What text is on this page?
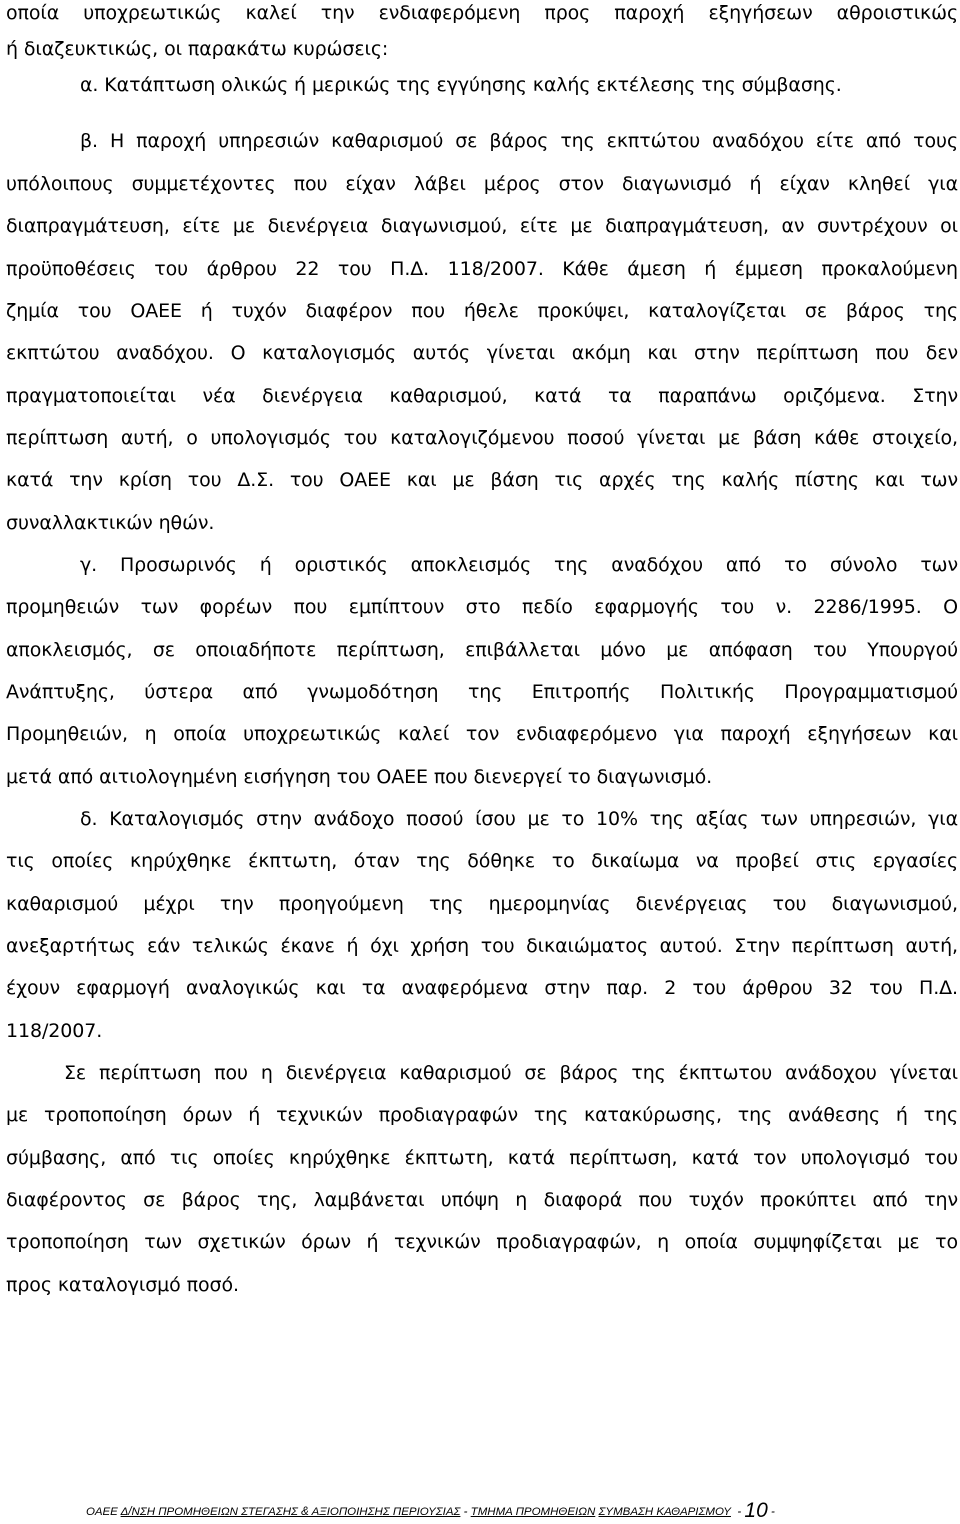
οποία υποχρεωτικώς καλεί την ενδιαφερόμενη προς παροχή εξηγήσεων αθροιστικώς
ή διαζευκτικώς, οι παρακάτω κυρώσεις:
α. Κατάπτωση ολικώς ή μερικώς της εγγύησης καλής εκτέλεσης της σύμβασης.
β. Η παροχή υπηρεσιών καθαρισμού σε βάρος της εκπτώτου αναδόχου είτε από τους
υπόλοιπους συμμετέχοντες που είχαν λάβει μέρος στον διαγωνισμό ή είχαν κληθεί για
διαπραγμάτευση, είτε με διενέργεια διαγωνισμού, είτε με διαπραγμάτευση, αν συντρέχουν οι
προϋποθέσεις του άρθρου 22 του Π.Δ. 118/2007. Κάθε άμεση ή έμμεση προκαλούμενη
ζημία του ΟΑΕΕ ή τυχόν διαφέρον που ήθελε προκύψει, καταλογίζεται σε βάρος της
εκπτώτου αναδόχου. Ο καταλογισμός αυτός γίνεται ακόμη και στην περίπτωση που δεν
πραγματοποιείται νέα διενέργεια καθαρισμού, κατά τα παραπάνω οριζόμενα. Στην
περίπτωση αυτή, ο υπολογισμός του καταλογιζόμενου ποσού γίνεται με βάση κάθε στοιχείο,
κατά την κρίση του Δ.Σ. του ΟΑΕΕ και με βάση τις αρχές της καλής πίστης και των
συναλλακτικών ηθών.
γ. Προσωρινός ή οριστικός αποκλεισμός της αναδόχου από το σύνολο των
προμηθειών των φορέων που εμπίπτουν στο πεδίο εφαρμογής του ν. 2286/1995. Ο
αποκλεισμός, σε οποιαδήποτε περίπτωση, επιβάλλεται μόνο με απόφαση του Υπουργού
Ανάπτυξης, ύστερα από γνωμοδότηση της Επιτροπής Πολιτικής Προγραμματισμού
Προμηθειών, η οποία υποχρεωτικώς καλεί τον ενδιαφερόμενο για παροχή εξηγήσεων και
μετά από αιτιολογημένη εισήγηση του ΟΑΕΕ που διενεργεί το διαγωνισμό.
δ. Καταλογισμός στην ανάδοχο ποσού ίσου με το 10% της αξίας των υπηρεσιών, για
τις οποίες κηρύχθηκε έκπτωτη, όταν της δόθηκε το δικαίωμα να προβεί στις εργασίες
καθαρισμού μέχρι την προηγούμενη της ημερομηνίας διενέργειας του διαγωνισμού,
ανεξαρτήτως εάν τελικώς έκανε ή όχι χρήση του δικαιώματος αυτού. Στην περίπτωση αυτή,
έχουν εφαρμογή αναλογικώς και τα αναφερόμενα στην παρ. 2 του άρθρου 32 του Π.Δ.
118/2007.
Σε περίπτωση που η διενέργεια καθαρισμού σε βάρος της έκπτωτου ανάδοχου γίνεται
με τροποποίηση όρων ή τεχνικών προδιαγραφών της κατακύρωσης, της ανάθεσης ή της
σύμβασης, από τις οποίες κηρύχθηκε έκπτωτη, κατά περίπτωση, κατά τον υπολογισμό του
διαφέροντος σε βάρος της, λαμβάνεται υπόψη η διαφορά που τυχόν προκύπτει από την
τροποποίηση των σχετικών όρων ή τεχνικών προδιαγραφών, η οποία συμψηφίζεται με το
προς καταλογισμό ποσό.
ΟΑΕΕ Δ/ΝΣΗ ΠΡΟΜΗΘΕΙΩΝ ΣΤΕΓΑΣΗΣ & ΑΞΙΟΠΟΙΗΣΗΣ ΠΕΡΙΟΥΣΙΑΣ - ΤΜΗΜΑ ΠΡΟΜΗΘΕΙΩΝ ΣΥΜΒΑΣΗ ΚΑΘΑΡΙΣΜΟΥ - 10 -
